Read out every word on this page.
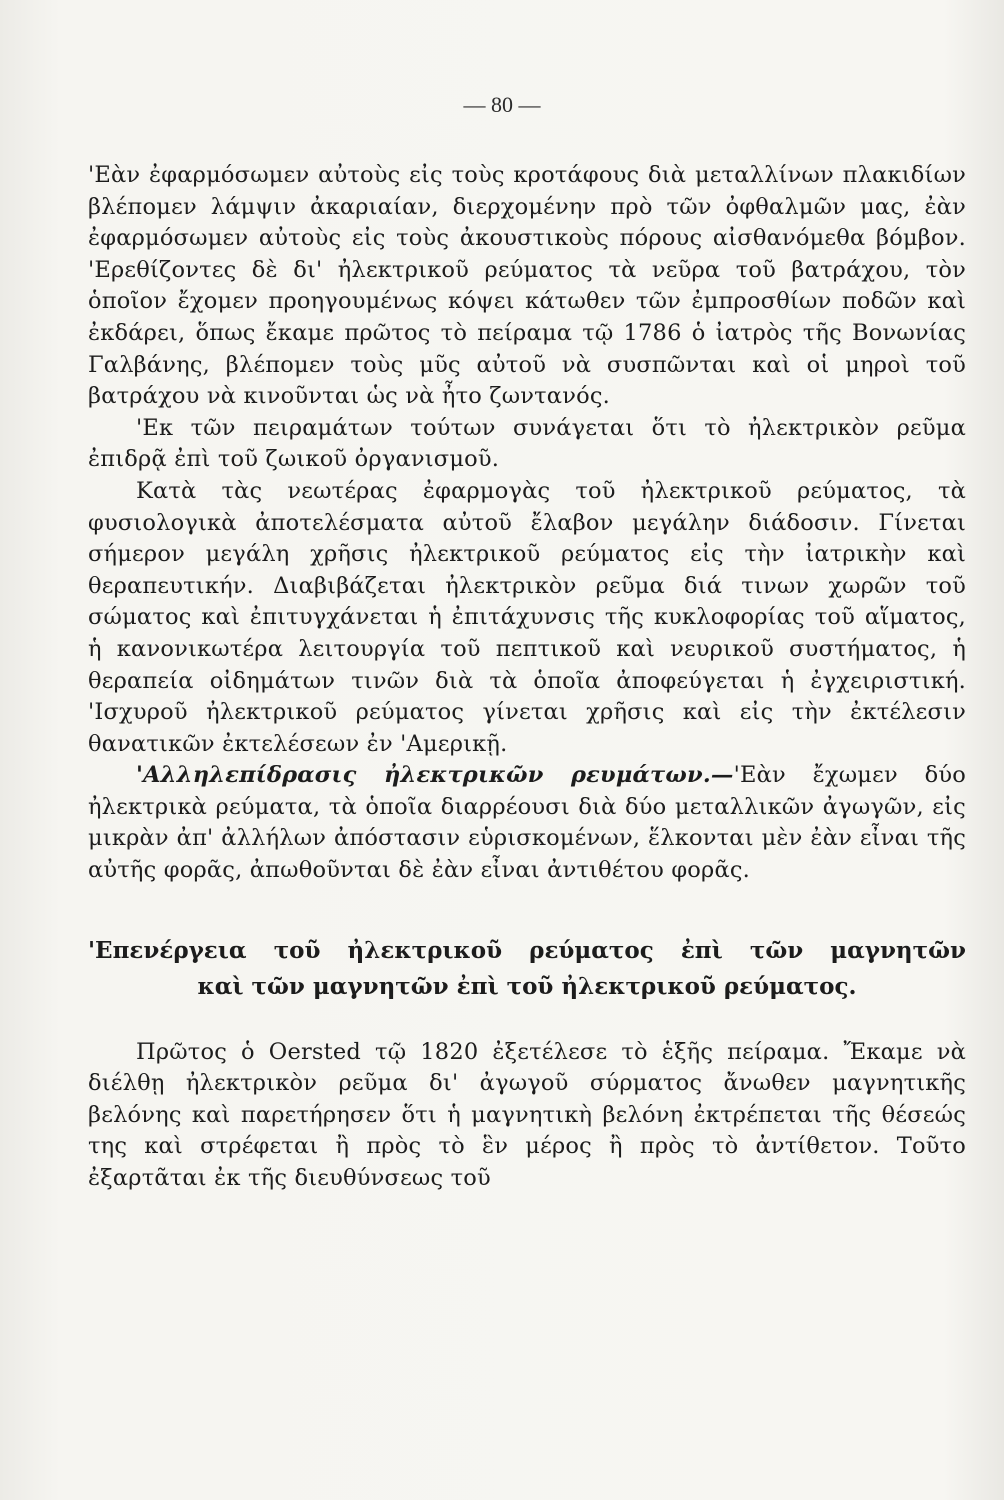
— 80 —

'Εὰν ἐφαρμόσωμεν αὐτοὺς εἰς τοὺς κροτάφους διὰ μεταλλίνων πλακιδίων βλέπομεν λάμψιν ἀκαριαίαν, διερχομένην πρὸ τῶν ὀφθαλμῶν μας, ἐὰν ἐφαρμόσωμεν αὐτοὺς εἰς τοὺς ἀκουστικοὺς πόρους αἰσθανόμεθα βόμβον. 'Ερεθίζοντες δὲ δι' ἠλεκτρικοῦ ρεύματος τὰ νεῦρα τοῦ βατράχου, τὸν ὁποῖον ἔχομεν προηγουμένως κόψει κάτωθεν τῶν ἐμπροσθίων ποδῶν καὶ ἐκδάρει, ὅπως ἔκαμε πρῶτος τὸ πείραμα τῷ 1786 ὁ ἰατρὸς τῆς Βονωνίας Γαλβάνης, βλέπομεν τοὺς μῦς αὐτοῦ νὰ συσπῶνται καὶ οἱ μηροὶ τοῦ βατράχου νὰ κινοῦνται ὡς νὰ ἦτο ζωντανός.

'Εκ τῶν πειραμάτων τούτων συνάγεται ὅτι τὸ ἠλεκτρικὸν ρεῦμα ἐπιδρᾷ ἐπὶ τοῦ ζωικοῦ ὀργανισμοῦ.

Κατὰ τὰς νεωτέρας ἐφαρμογὰς τοῦ ἠλεκτρικοῦ ρεύματος, τὰ φυσιολογικὰ ἀποτελέσματα αὐτοῦ ἔλαβον μεγάλην διάδοσιν. Γίνεται σήμερον μεγάλη χρῆσις ἠλεκτρικοῦ ρεύματος εἰς τὴν ἰατρικὴν καὶ θεραπευτικήν. Διαβιβάζεται ἠλεκτρικὸν ρεῦμα διά τινων χωρῶν τοῦ σώματος καὶ ἐπιτυγχάνεται ἡ ἐπιτάχυνσις τῆς κυκλοφορίας τοῦ αἵματος, ἡ κανονικωτέρα λειτουργία τοῦ πεπτικοῦ καὶ νευρικοῦ συστήματος, ἡ θεραπεία οἰδημάτων τινῶν διὰ τὰ ὁποῖα ἀποφεύγεται ἡ ἐγχειριστική. 'Ισχυροῦ ἠλεκτρικοῦ ρεύματος γίνεται χρῆσις καὶ εἰς τὴν ἐκτέλεσιν θανατικῶν ἐκτελέσεων ἐν 'Αμερικῇ.

'Αλληλεπίδρασις ἠλεκτρικῶν ρευμάτων.—'Εὰν ἔχωμεν δύο ἠλεκτρικὰ ρεύματα, τὰ ὁποῖα διαρρέουσι διὰ δύο μεταλλικῶν ἀγωγῶν, εἰς μικρὰν ἀπ' ἀλλήλων ἀπόστασιν εὑρισκομένων, ἕλκονται μὲν ἐὰν εἶναι τῆς αὐτῆς φορᾶς, ἀπωθοῦνται δὲ ἐὰν εἶναι ἀντιθέτου φορᾶς.

'Επενέργεια τοῦ ἠλεκτρικοῦ ρεύματος ἐπὶ τῶν μαγνητῶν
καὶ τῶν μαγνητῶν ἐπὶ τοῦ ἠλεκτρικοῦ ρεύματος.

Πρῶτος ὁ Oersted τῷ 1820 ἐξετέλεσε τὸ ἑξῆς πείραμα. Ἔκαμε νὰ διέλθῃ ἠλεκτρικὸν ρεῦμα δι' ἀγωγοῦ σύρματος ἄνωθεν μαγνητικῆς βελόνης καὶ παρετήρησεν ὅτι ἡ μαγνητικὴ βελόνη ἐκτρέπεται τῆς θέσεώς της καὶ στρέφεται ἢ πρὸς τὸ ἓν μέρος ἢ πρὸς τὸ ἀντίθετον. Τοῦτο ἐξαρτᾶται ἐκ τῆς διευθύνσεως τοῦ
